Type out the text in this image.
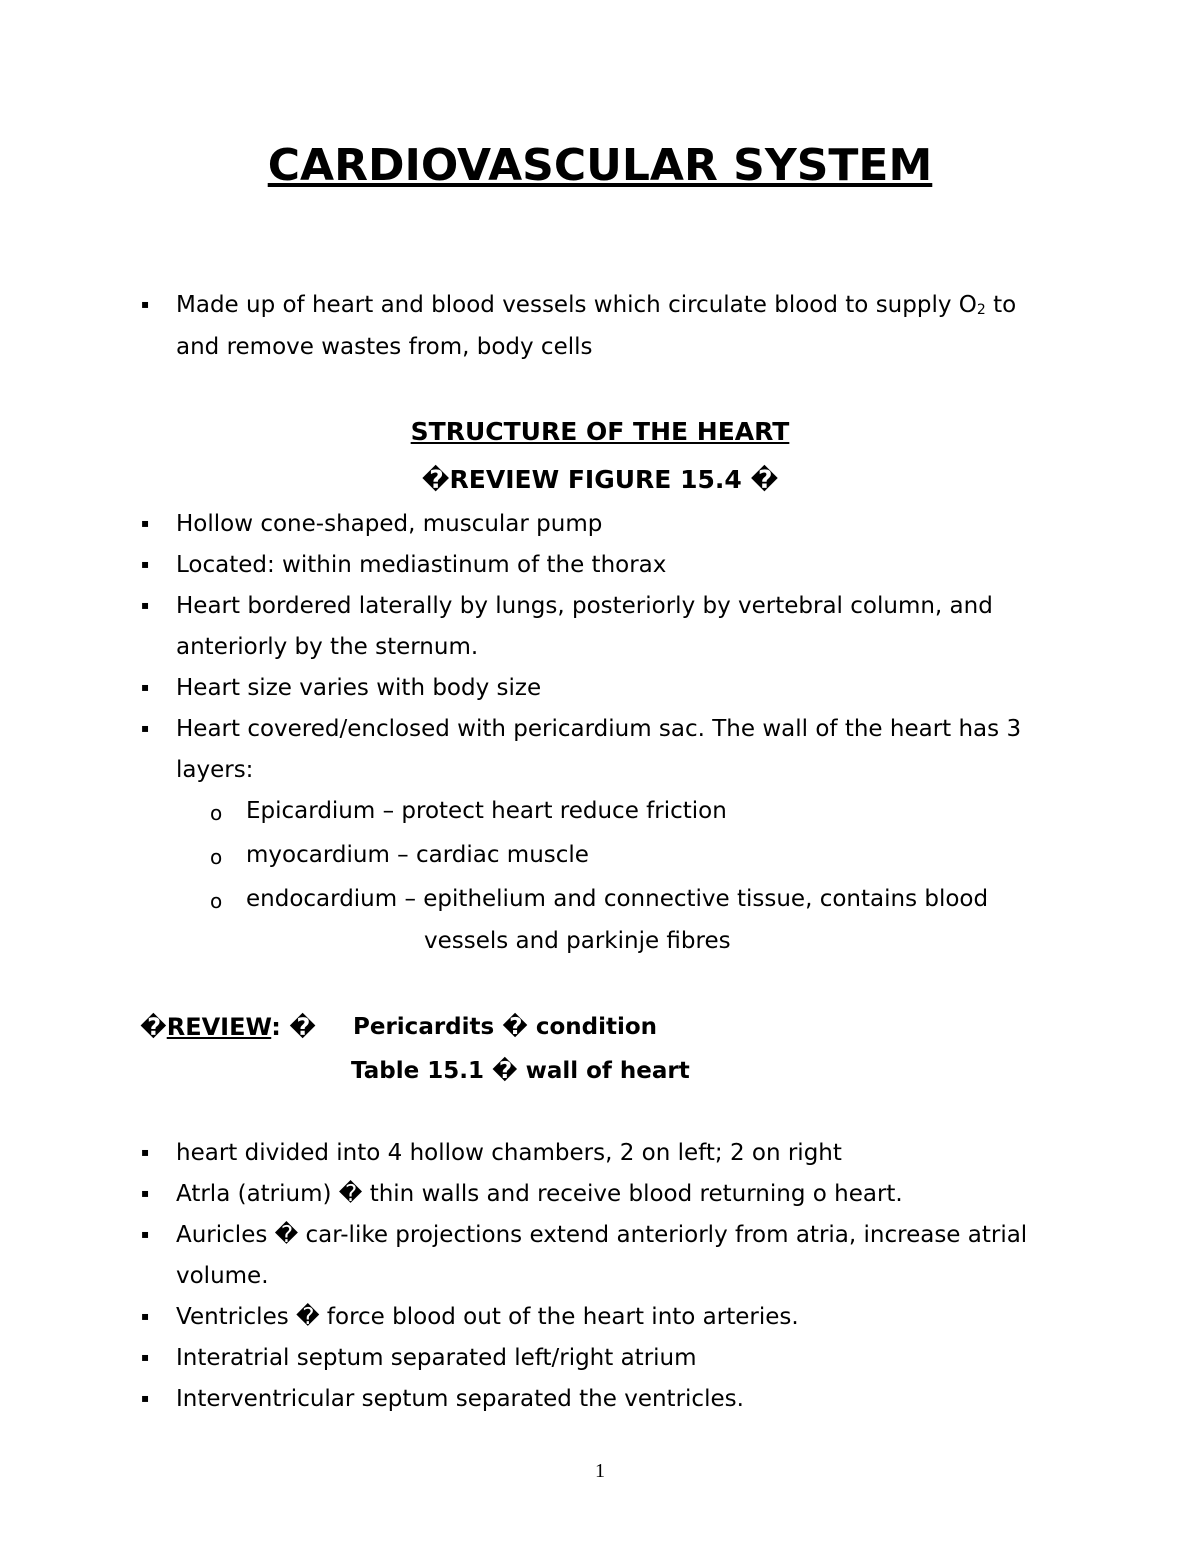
CARDIOVASCULAR SYSTEM
▪ Made up of heart and blood vessels which circulate blood to supply $O_2$ to
and remove wastes from, body cells
STRUCTURE OF THE HEART
�REVIEW FIGURE 15.4 �
▪ Hollow cone-shaped, muscular pump
▪ Located: within mediastinum of the thorax
▪ Heart bordered laterally by lungs, posteriorly by vertebral column, and
anteriorly by the sternum.
▪ Heart size varies with body size
▪ Heart covered/enclosed with pericardium sac. The wall of the heart has 3
layers:
o Epicardium – protect heart reduce friction
o myocardium – cardiac muscle
o endocardium – epithelium and connective tissue, contains blood
vessels and parkinje fibres
�REVIEW: � Pericardits � condition
Table 15.1 � wall of heart
▪ heart divided into 4 hollow chambers, 2 on left; 2 on right
▪ Atrla (atrium) � thin walls and receive blood returning o heart.
▪ Auricles � car-like projections extend anteriorly from atria, increase atrial
volume.
▪ Ventricles � force blood out of the heart into arteries.
▪ Interatrial septum separated left/right atrium
▪ Interventricular septum separated the ventricles.
1
